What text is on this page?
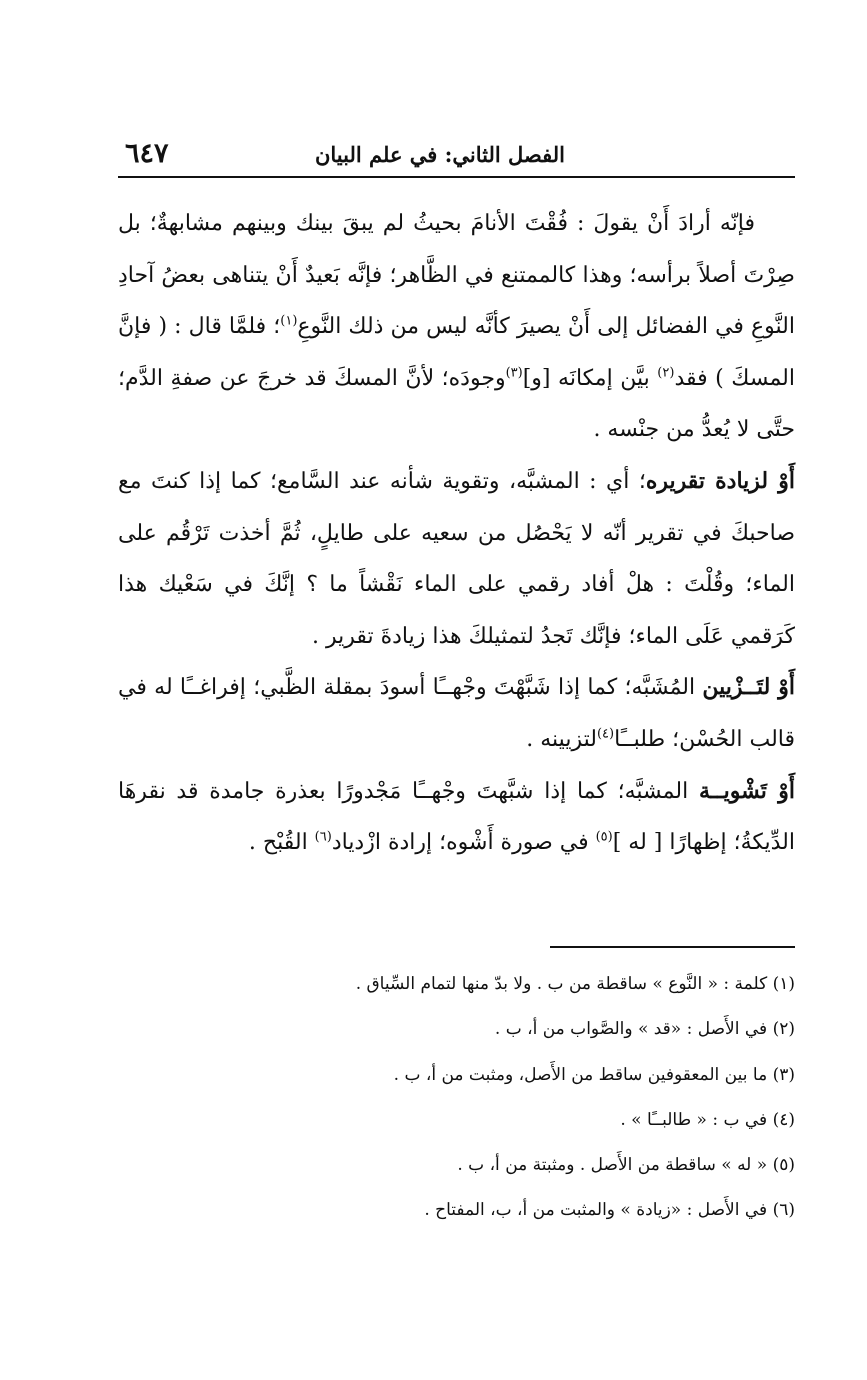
الفصل الثاني: في علم البيان
٦٤٧

فإنّه أرادَ أَنْ يقولَ : فُقْتَ الأنامَ بحيثُ لم يبقَ بينك وبينهم مشابهةٌ؛ بل صِرْتَ أصلاً برأسه؛ وهذا كالممتنع في الظَّاهر؛ فإنَّه بَعيدٌ أَنْ يتناهى بعضُ آحادِ النَّوعِ في الفضائل إلى أَنْ يصيرَ كأنَّه ليس من ذلك النَّوعِ$^{(١)}$؛ فلمَّا قال : ( فإنَّ المسكَ ) فقد$^{(٢)}$ بيَّن إمكانَه [و]$^{(٣)}$وجودَه؛ لأنَّ المسكَ قد خرجَ عن صفةِ الدَّم؛ حتَّى لا يُعدُّ من جنْسه .

أَوْ لزيادة تقريره؛ أي : المشبَّه، وتقوية شأنه عند السَّامع؛ كما إذا كنتَ مع صاحبكَ في تقرير أنّه لا يَحْصُل من سعيه على طايلٍ، ثُمَّ أخذت تَرْقُم على الماء؛ وقُلْتَ : هلْ أفاد رقمي على الماء نَقْشاً ما ؟ إنَّكَ في سَعْيك هذا كَرَقمي عَلَى الماء؛ فإنَّك تَجدُ لتمثيلكَ هذا زيادةَ تقرير .

أَوْ لتَــزْيين المُشَبَّه؛ كما إذا شَبَّهْتَ وجْهــًا أسودَ بمقلة الظَّبي؛ إفراغــًا له في قالب الحُسْن؛ طلبــًا$^{(٤)}$لتزيينه .

أَوْ تَشْويــة المشبَّه؛ كما إذا شبَّهتَ وجْهــًا مَجْدورًا بعذرة جامدة قد نقرهَا الدِّيكةُ؛ إظهارًا [ له ]$^{(٥)}$ في صورة أَشْوه؛ إرادة ازْدياد$^{(٦)}$ القُبْح .

(١) كلمة : « النَّوع » ساقطة من ب . ولا بدّ منها لتمام السِّياق .

(٢) في الأَصل : «قد » والصَّواب من أ، ب .

(٣) ما بين المعقوفين ساقط من الأَصل، ومثبت من أ، ب .

(٤) في ب : « طالبــًا » .

(٥) « له » ساقطة من الأَصل . ومثبتة من أ، ب .

(٦) في الأَصل : «زيادة » والمثبت من أ، ب، المفتاح .
